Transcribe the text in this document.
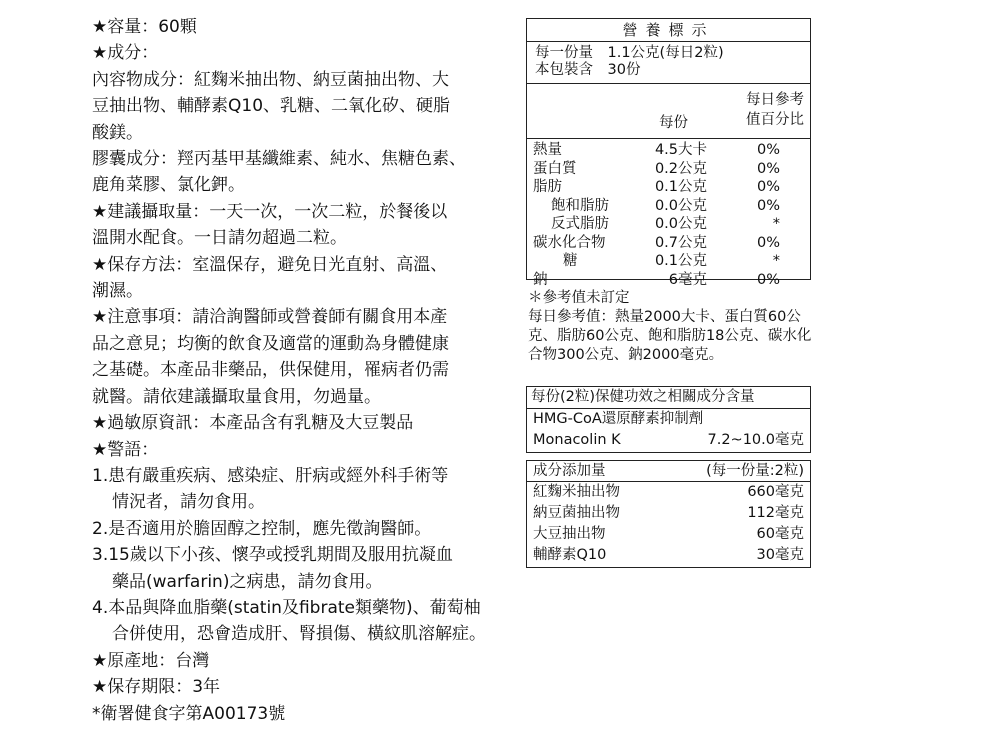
★容量：60顆

★成分：

內容物成分：紅麴米抽出物、納豆菌抽出物、大

豆抽出物、輔酵素Q10、乳糖、二氧化矽、硬脂

酸鎂。

膠囊成分：羥丙基甲基纖維素、純水、焦糖色素、

鹿角菜膠、氯化鉀。

★建議攝取量：一天一次，一次二粒，於餐後以

溫開水配食。一日請勿超過二粒。

★保存方法：室溫保存，避免日光直射、高溫、

潮濕。

★注意事項：請洽詢醫師或營養師有關食用本產

品之意見；均衡的飲食及適當的運動為身體健康

之基礎。本產品非藥品，供保健用，罹病者仍需

就醫。請依建議攝取量食用，勿過量。

★過敏原資訊：本產品含有乳糖及大豆製品

★警語：

1.患有嚴重疾病、感染症、肝病或經外科手術等

情況者，請勿食用。

2.是否適用於膽固醇之控制，應先徵詢醫師。

3.15歲以下小孩、懷孕或授乳期間及服用抗凝血

藥品(warfarin)之病患，請勿食用。

4.本品與降血脂藥(statin及fibrate類藥物)、葡萄柚

合併使用，恐會造成肝、腎損傷、橫紋肌溶解症。

★原產地：台灣

★保存期限：3年

*衛署健食字第A00173號

營養標示
每一份量　1.1公克(每日2粒)
本包裝含　30份
每份
每日參考
值百分比
熱量	4.5大卡	0%
蛋白質	0.2公克	0%
脂肪	0.1公克	0%
飽和脂肪	0.0公克	0%
反式脂肪	0.0公克	*
碳水化合物	0.7公克	0%
糖	0.1公克	*
鈉	6毫克	0%

＊參考值未訂定

每日參考值：熱量2000大卡、蛋白質60公克、脂肪60公克、飽和脂肪18公克、碳水化合物300公克、鈉2000毫克。

每份(2粒)保健功效之相關成分含量
HMG-CoA還原酵素抑制劑
Monacolin K	7.2~10.0毫克
成分添加量	(每一份量:2粒)
紅麴米抽出物	660毫克
納豆菌抽出物	112毫克
大豆抽出物	60毫克
輔酵素Q10	30毫克
